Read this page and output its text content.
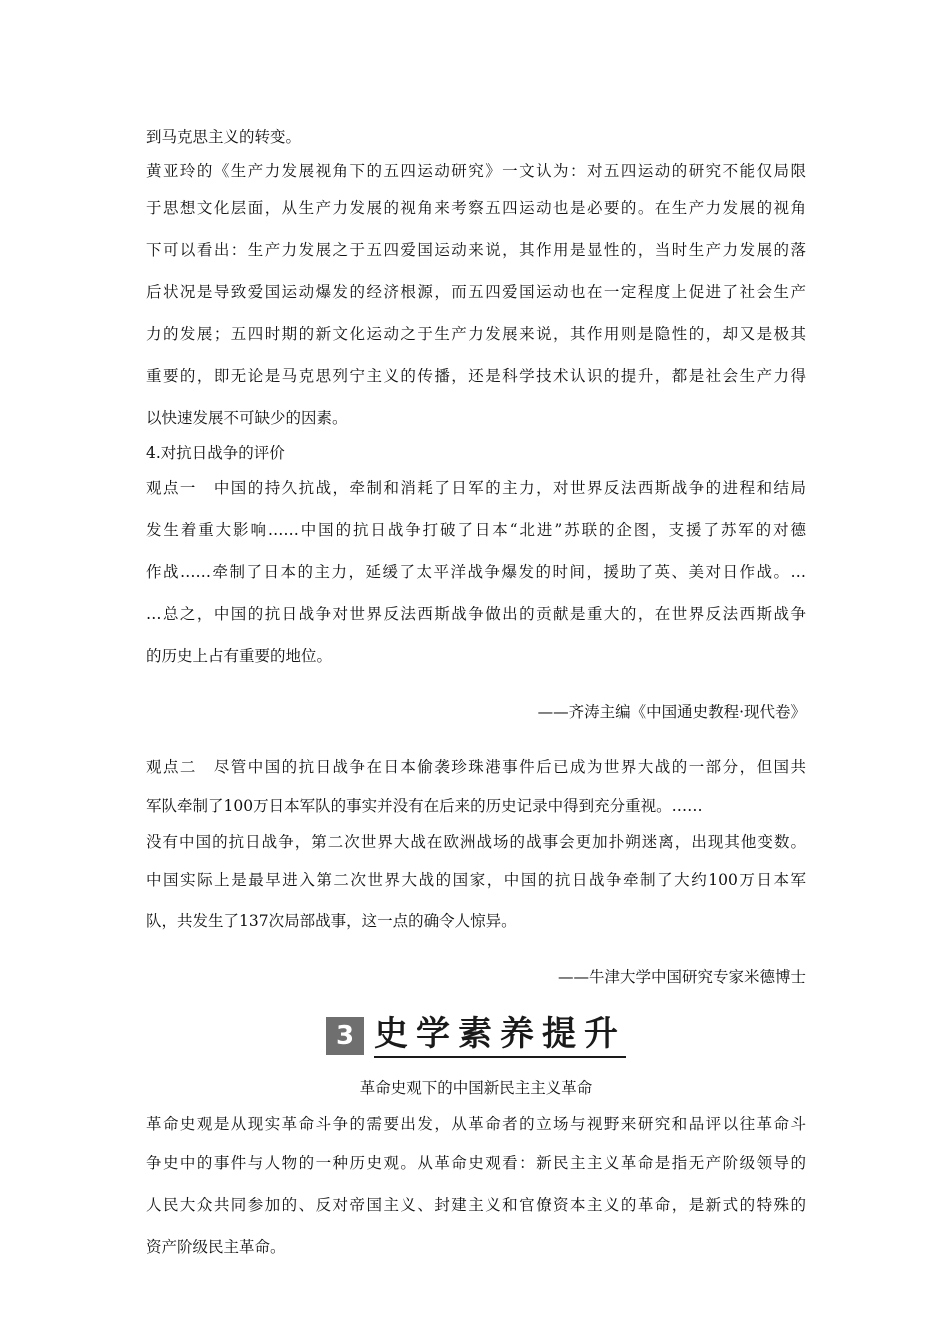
到马克思主义的转变。

黄亚玲的《生产力发展视角下的五四运动研究》一文认为：对五四运动的研究不能仅局限

于思想文化层面，从生产力发展的视角来考察五四运动也是必要的。在生产力发展的视角

下可以看出：生产力发展之于五四爱国运动来说，其作用是显性的，当时生产力发展的落

后状况是导致爱国运动爆发的经济根源，而五四爱国运动也在一定程度上促进了社会生产

力的发展；五四时期的新文化运动之于生产力发展来说，其作用则是隐性的，却又是极其

重要的，即无论是马克思列宁主义的传播，还是科学技术认识的提升，都是社会生产力得

以快速发展不可缺少的因素。

4.对抗日战争的评价

观点一　中国的持久抗战，牵制和消耗了日军的主力，对世界反法西斯战争的进程和结局

发生着重大影响……中国的抗日战争打破了日本“北进”苏联的企图，支援了苏军的对德

作战……牵制了日本的主力，延缓了太平洋战争爆发的时间，援助了英、美对日作战。…

…总之，中国的抗日战争对世界反法西斯战争做出的贡献是重大的，在世界反法西斯战争

的历史上占有重要的地位。

——齐涛主编《中国通史教程·现代卷》

观点二　尽管中国的抗日战争在日本偷袭珍珠港事件后已成为世界大战的一部分，但国共

军队牵制了100万日本军队的事实并没有在后来的历史记录中得到充分重视。……

没有中国的抗日战争，第二次世界大战在欧洲战场的战事会更加扑朔迷离，出现其他变数。

中国实际上是最早进入第二次世界大战的国家，中国的抗日战争牵制了大约100万日本军

队，共发生了137次局部战事，这一点的确令人惊异。

——牛津大学中国研究专家米德博士

3 史学素养提升

革命史观下的中国新民主主义革命

革命史观是从现实革命斗争的需要出发，从革命者的立场与视野来研究和品评以往革命斗

争史中的事件与人物的一种历史观。从革命史观看：新民主主义革命是指无产阶级领导的

人民大众共同参加的、反对帝国主义、封建主义和官僚资本主义的革命，是新式的特殊的

资产阶级民主革命。
